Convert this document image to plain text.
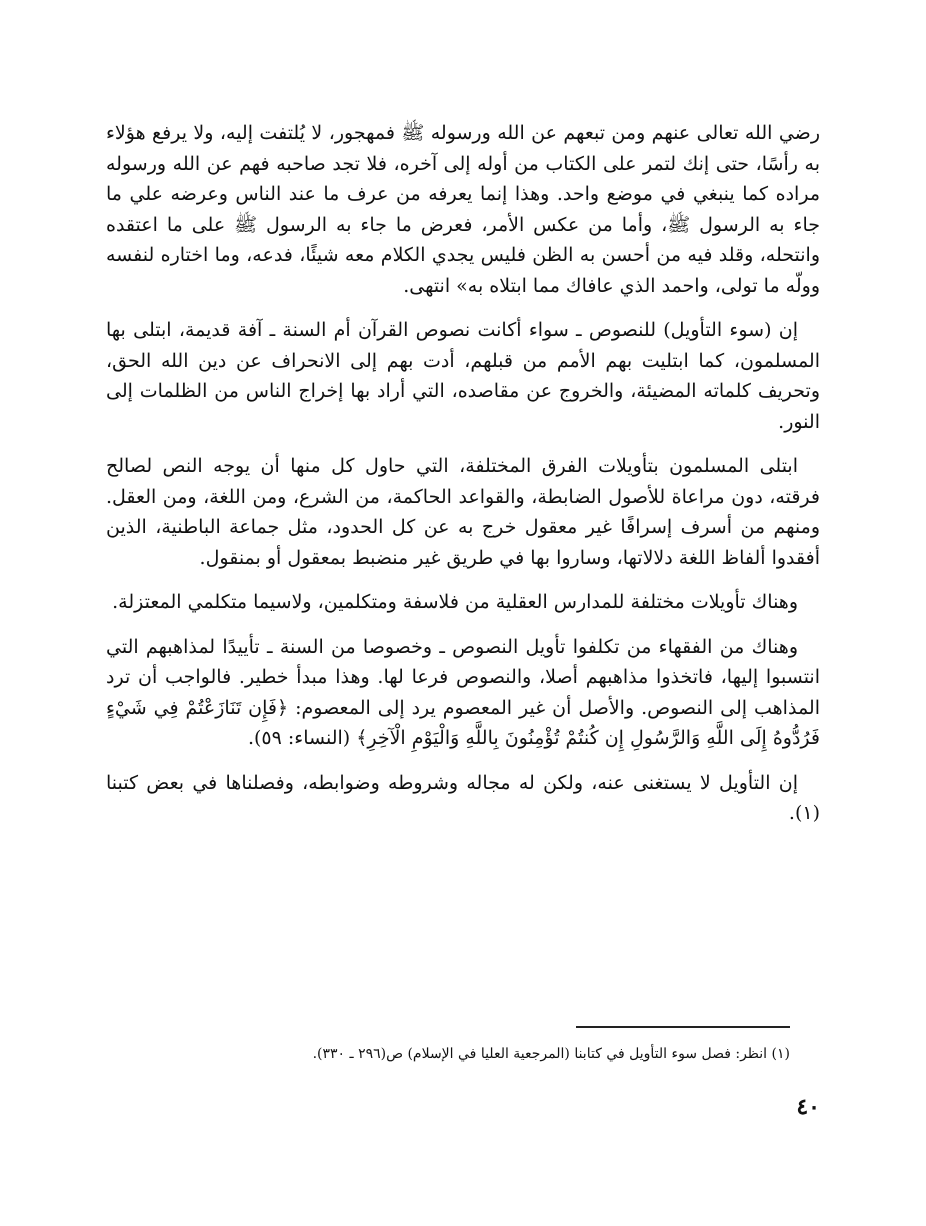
رضي الله تعالى عنهم ومن تبعهم عن الله ورسوله ﷺ فمهجور، لا يُلتفت إليه، ولا يرفع هؤلاء به رأسًا، حتى إنك لتمر على الكتاب من أوله إلى آخره، فلا تجد صاحبه فهم عن الله ورسوله مراده كما ينبغي في موضع واحد. وهذا إنما يعرفه من عرف ما عند الناس وعرضه علي ما جاء به الرسول ﷺ، وأما من عكس الأمر، فعرض ما جاء به الرسول ﷺ على ما اعتقده وانتحله، وقلد فيه من أحسن به الظن فليس يجدي الكلام معه شيئًا، فدعه، وما اختاره لنفسه وولّه ما تولى، واحمد الذي عافاك مما ابتلاه به» انتهى.

إن (سوء التأويل) للنصوص ـ سواء أكانت نصوص القرآن أم السنة ـ آفة قديمة، ابتلى بها المسلمون، كما ابتليت بهم الأمم من قبلهم، أدت بهم إلى الانحراف عن دين الله الحق، وتحريف كلماته المضيئة، والخروج عن مقاصده، التي أراد بها إخراج الناس من الظلمات إلى النور.

ابتلى المسلمون بتأويلات الفرق المختلفة، التي حاول كل منها أن يوجه النص لصالح فرقته، دون مراعاة للأصول الضابطة، والقواعد الحاكمة، من الشرع، ومن اللغة، ومن العقل. ومنهم من أسرف إسرافًا غير معقول خرج به عن كل الحدود، مثل جماعة الباطنية، الذين أفقدوا ألفاظ اللغة دلالاتها، وساروا بها في طريق غير منضبط بمعقول أو بمنقول.

وهناك تأويلات مختلفة للمدارس العقلية من فلاسفة ومتكلمين، ولاسيما متكلمي المعتزلة.

وهناك من الفقهاء من تكلفوا تأويل النصوص ـ وخصوصا من السنة ـ تأييدًا لمذاهبهم التي انتسبوا إليها، فاتخذوا مذاهبهم أصلا، والنصوص فرعا لها. وهذا مبدأ خطير. فالواجب أن ترد المذاهب إلى النصوص. والأصل أن غير المعصوم يرد إلى المعصوم: ﴿فَإِن تَنَازَعْتُمْ فِي شَيْءٍ فَرُدُّوهُ إِلَى اللَّهِ وَالرَّسُولِ إِن كُنتُمْ تُؤْمِنُونَ بِاللَّهِ وَالْيَوْمِ الْآخِرِ﴾ (النساء: ٥٩).

إن التأويل لا يستغنى عنه، ولكن له مجاله وشروطه وضوابطه، وفصلناها في بعض كتبنا (١).

(١) انظر: فصل سوء التأويل في كتابنا (المرجعية العليا في الإسلام) ص(٢٩٦ ـ ٣٣٠).
٤٠
